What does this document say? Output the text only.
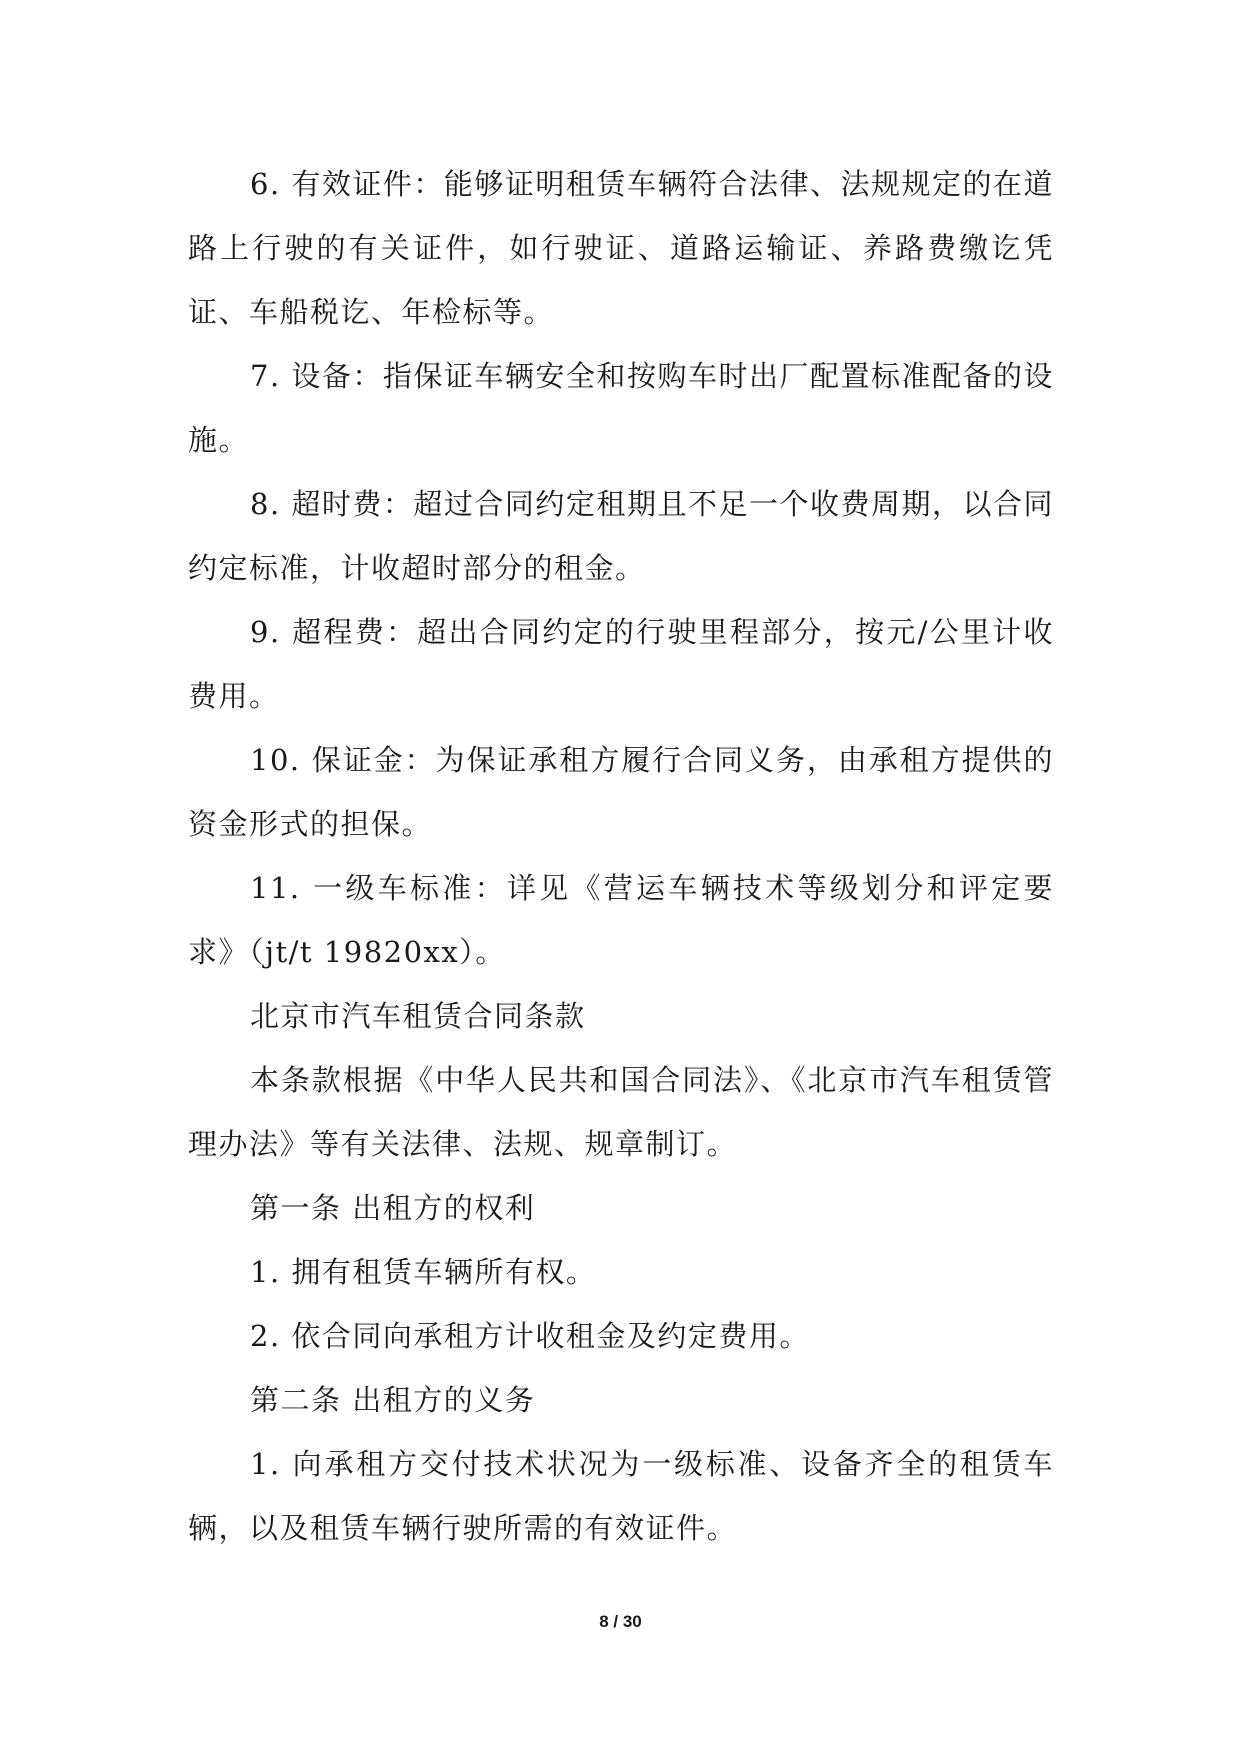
6. 有效证件：能够证明租赁车辆符合法律、法规规定的在道路上行驶的有关证件，如行驶证、道路运输证、养路费缴讫凭证、车船税讫、年检标等。

7. 设备：指保证车辆安全和按购车时出厂配置标准配备的设施。

8. 超时费：超过合同约定租期且不足一个收费周期，以合同约定标准，计收超时部分的租金。

9. 超程费：超出合同约定的行驶里程部分，按元/公里计收费用。

10. 保证金：为保证承租方履行合同义务，由承租方提供的资金形式的担保。

11. 一级车标准：详见《营运车辆技术等级划分和评定要求》（jt/t 19820xx）。

北京市汽车租赁合同条款

本条款根据《中华人民共和国合同法》、《北京市汽车租赁管理办法》等有关法律、法规、规章制订。

第一条 出租方的权利

1. 拥有租赁车辆所有权。

2. 依合同向承租方计收租金及约定费用。

第二条 出租方的义务

1. 向承租方交付技术状况为一级标准、设备齐全的租赁车辆，以及租赁车辆行驶所需的有效证件。

8 / 30
